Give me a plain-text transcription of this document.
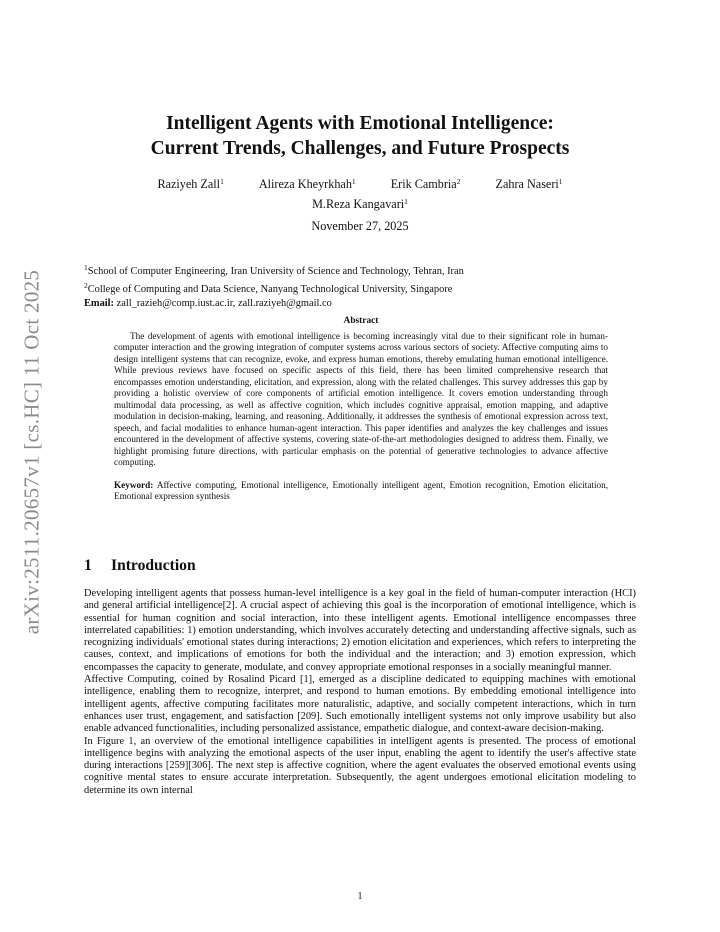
arXiv:2511.20657v1 [cs.HC] 11 Oct 2025
Intelligent Agents with Emotional Intelligence:
Current Trends, Challenges, and Future Prospects
Raziyeh Zall$^1$	Alireza Kheyrkhah$^1$	Erik Cambria$^2$	Zahra Naseri$^1$
M.Reza Kangavari$^1$
November 27, 2025
$^1$School of Computer Engineering, Iran University of Science and Technology, Tehran, Iran
$^2$College of Computing and Data Science, Nanyang Technological University, Singapore
Email: zall_razieh@comp.iust.ac.ir, zall.raziyeh@gmail.co
Abstract

The development of agents with emotional intelligence is becoming increasingly vital due to their significant role in human-computer interaction and the growing integration of computer systems across various sectors of society. Affective computing aims to design intelligent systems that can recognize, evoke, and express human emotions, thereby emulating human emotional intelligence. While previous reviews have focused on specific aspects of this field, there has been limited comprehensive research that encompasses emotion understanding, elicitation, and expression, along with the related challenges. This survey addresses this gap by providing a holistic overview of core components of artificial emotion intelligence. It covers emotion understanding through multimodal data processing, as well as affective cognition, which includes cognitive appraisal, emotion mapping, and adaptive modulation in decision-making, learning, and reasoning. Additionally, it addresses the synthesis of emotional expression across text, speech, and facial modalities to enhance human-agent interaction. This paper identifies and analyzes the key challenges and issues encountered in the development of affective systems, covering state-of-the-art methodologies designed to address them. Finally, we highlight promising future directions, with particular emphasis on the potential of generative technologies to advance affective computing.

Keyword: Affective computing, Emotional intelligence, Emotionally intelligent agent, Emotion recognition, Emotion elicitation, Emotional expression synthesis
1 Introduction

Developing intelligent agents that possess human-level intelligence is a key goal in the field of human-computer interaction (HCI) and general artificial intelligence[2]. A crucial aspect of achieving this goal is the incorporation of emotional intelligence, which is essential for human cognition and social interaction, into these intelligent agents. Emotional intelligence encompasses three interrelated capabilities: 1) emotion understanding, which involves accurately detecting and understanding affective signals, such as recognizing individuals' emotional states during interactions; 2) emotion elicitation and experiences, which refers to interpreting the causes, context, and implications of emotions for both the individual and the interaction; and 3) emotion expression, which encompasses the capacity to generate, modulate, and convey appropriate emotional responses in a socially meaningful manner.

Affective Computing, coined by Rosalind Picard [1], emerged as a discipline dedicated to equipping machines with emotional intelligence, enabling them to recognize, interpret, and respond to human emotions. By embedding emotional intelligence into intelligent agents, affective computing facilitates more naturalistic, adaptive, and socially competent interactions, which in turn enhances user trust, engagement, and satisfaction [209]. Such emotionally intelligent systems not only improve usability but also enable advanced functionalities, including personalized assistance, empathetic dialogue, and context-aware decision-making.

In Figure 1, an overview of the emotional intelligence capabilities in intelligent agents is presented. The process of emotional intelligence begins with analyzing the emotional aspects of the user input, enabling the agent to identify the user's affective state during interactions [259][306]. The next step is affective cognition, where the agent evaluates the observed emotional events using cognitive mental states to ensure accurate interpretation. Subsequently, the agent undergoes emotional elicitation modeling to determine its own internal

1
